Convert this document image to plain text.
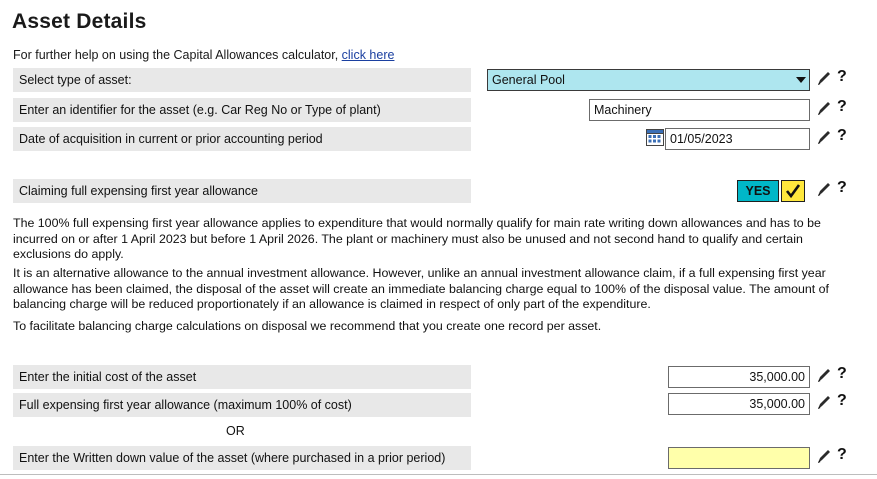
Asset Details
For further help on using the Capital Allowances calculator, click here
Select type of asset:	General Pool	?
Enter an identifier for the asset (e.g. Car Reg No or Type of plant)	Machinery	?
Date of acquisition in current or prior accounting period	01/05/2023	?
Claiming full expensing first year allowance	YES	?
The 100% full expensing first year allowance applies to expenditure that would normally qualify for main rate writing down allowances and has to be incurred on or after 1 April 2023 but before 1 April 2026. The plant or machinery must also be unused and not second hand to qualify and certain exclusions do apply.
It is an alternative allowance to the annual investment allowance. However, unlike an annual investment allowance claim, if a full expensing first year allowance has been claimed, the disposal of the asset will create an immediate balancing charge equal to 100% of the disposal value. The amount of balancing charge will be reduced proportionately if an allowance is claimed in respect of only part of the expenditure.
To facilitate balancing charge calculations on disposal we recommend that you create one record per asset.
Enter the initial cost of the asset	35,000.00	?
Full expensing first year allowance (maximum 100% of cost)	35,000.00	?
OR
Enter the Written down value of the asset (where purchased in a prior period)	?
